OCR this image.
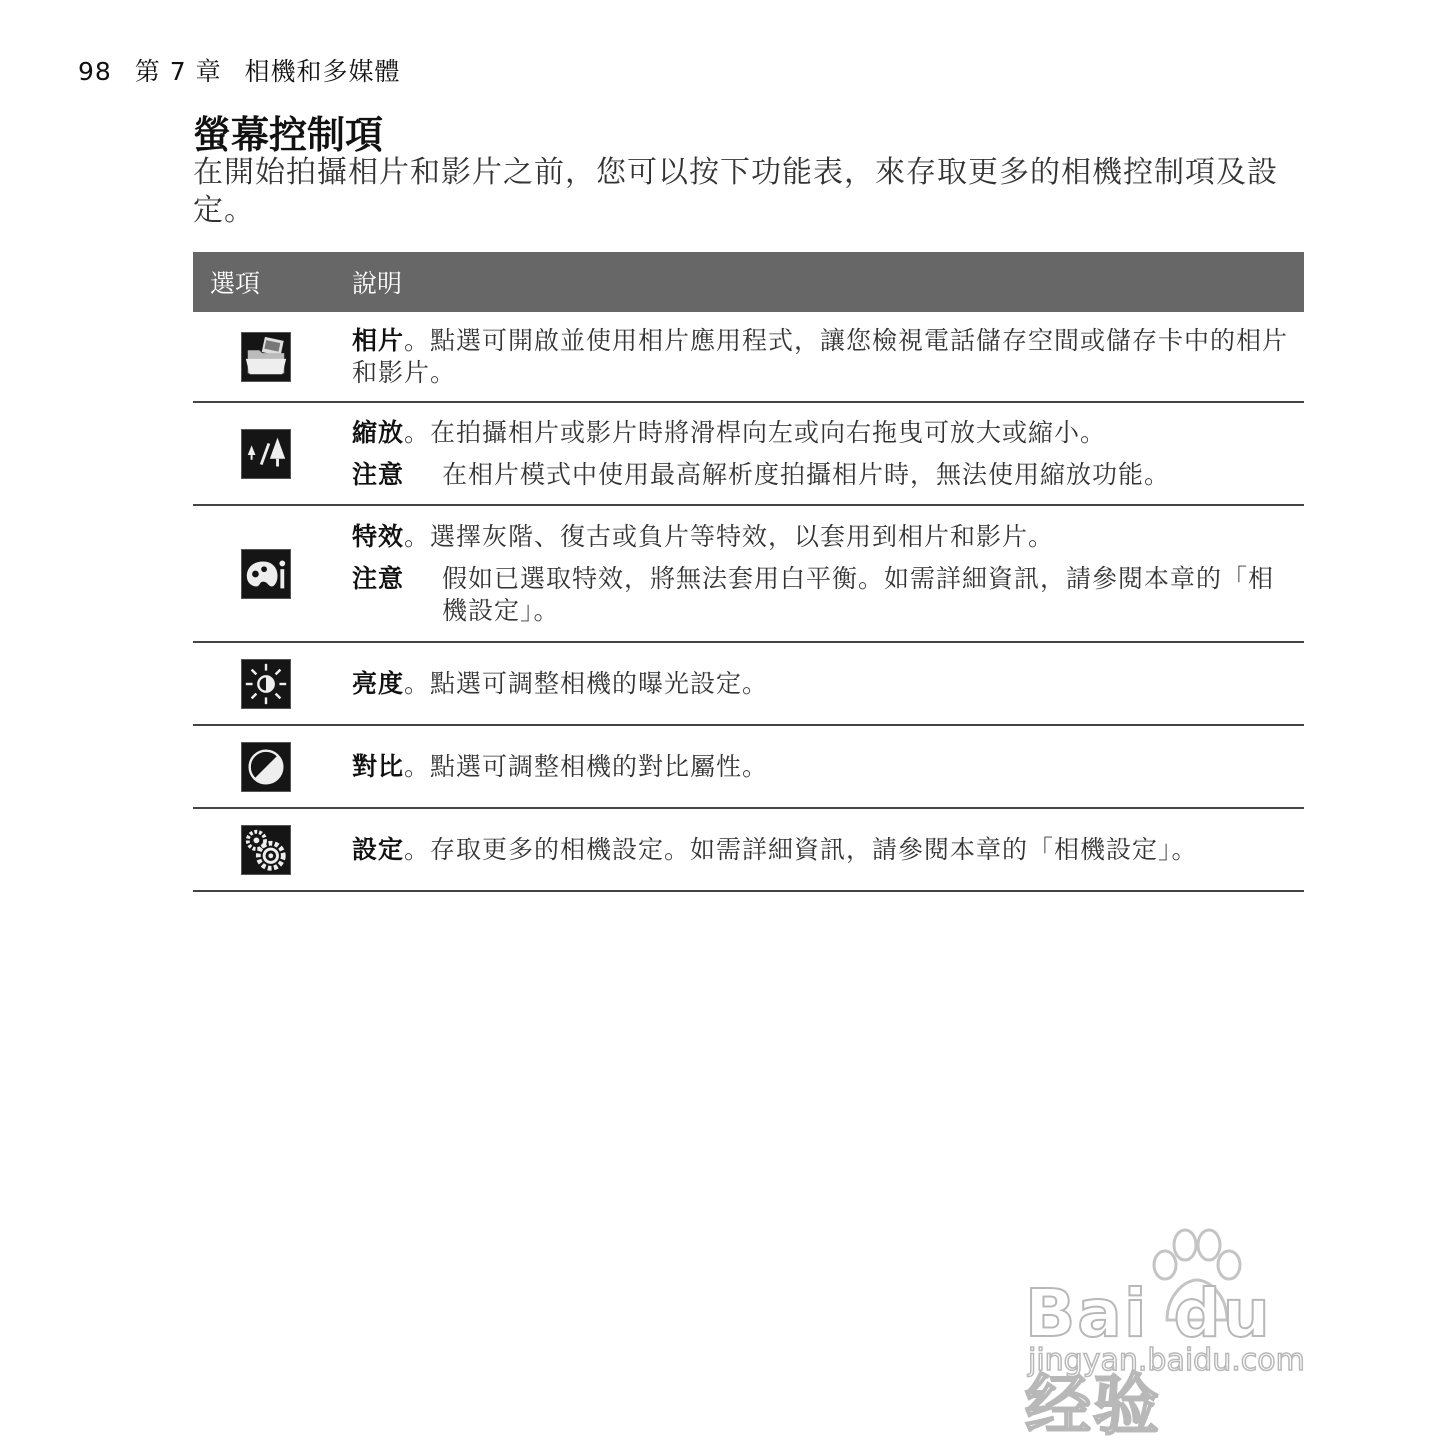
98 第 7 章 相機和多媒體
螢幕控制項

在開始拍攝相片和影片之前，您可以按下功能表，來存取更多的相機控制項及設定。

選項	說明
相片。點選可開啟並使用相片應用程式，讓您檢視電話儲存空間或儲存卡中的相片和影片。
縮放。在拍攝相片或影片時將滑桿向左或向右拖曳可放大或縮小。
注意	在相片模式中使用最高解析度拍攝相片時，無法使用縮放功能。
特效。選擇灰階、復古或負片等特效，以套用到相片和影片。
注意	假如已選取特效，將無法套用白平衡。如需詳細資訊，請參閱本章的「相機設定」。
亮度。點選可調整相機的曝光設定。
對比。點選可調整相機的對比屬性。
設定。存取更多的相機設定。如需詳細資訊，請參閱本章的「相機設定」。
Bai du 经验
jingyan.baidu.com
